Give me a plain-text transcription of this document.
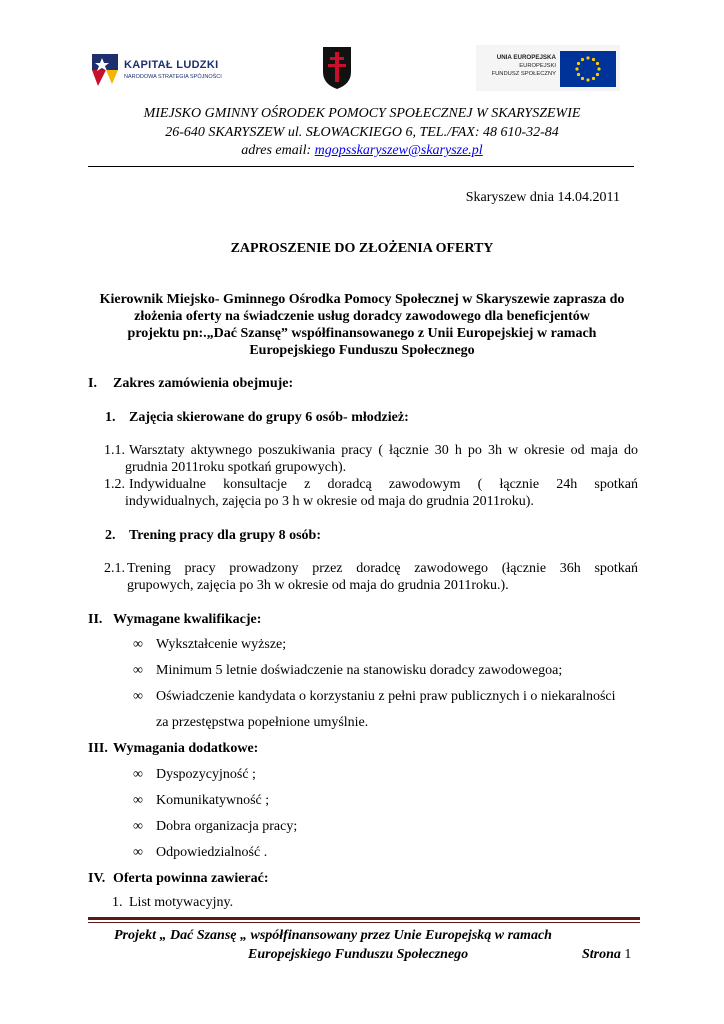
KAPITAŁ LUDZKI
NARODOWA STRATEGIA SPÓJNOŚCI
UNIA EUROPEJSKA
EUROPEJSKI
FUNDUSZ SPOŁECZNY
MIEJSKO GMINNY OŚRODEK POMOCY SPOŁECZNEJ W SKARYSZEWIE
26-640 SKARYSZEW ul. SŁOWACKIEGO 6, TEL./FAX: 48 610-32-84
adres email: mgopsskaryszew@skarysze.pl
Skaryszew dnia 14.04.2011
ZAPROSZENIE DO ZŁOŻENIA OFERTY
Kierownik Miejsko- Gminnego Ośrodka Pomocy Społecznej w Skaryszewie zaprasza do
złożenia oferty na świadczenie usług doradcy zawodowego dla beneficjentów
projektu pn:.„Dać Szansę” współfinansowanego z Unii Europejskiej w ramach
Europejskiego Funduszu Społecznego
I. Zakres zamówienia obejmuje:
1. Zajęcia skierowane do grupy 6 osób- młodzież:
1.1. Warsztaty aktywnego poszukiwania pracy ( łącznie 30 h po 3h w okresie od maja do
grudnia 2011roku spotkań grupowych).
1.2. Indywidualne konsultacje z doradcą zawodowym ( łącznie 24h spotkań
indywidualnych, zajęcia po 3 h w okresie od maja do grudnia 2011roku).
2. Trening pracy dla grupy 8 osób:
2.1. Trening pracy prowadzony przez doradcę zawodowego (łącznie 36h spotkań
grupowych, zajęcia po 3h w okresie od maja do grudnia 2011roku.).
II. Wymagane kwalifikacje:
∞ Wykształcenie wyższe;
∞ Minimum 5 letnie doświadczenie na stanowisku doradcy zawodowegoa;
∞ Oświadczenie kandydata o korzystaniu z pełni praw publicznych i o niekaralności
za przestępstwa popełnione umyślnie.
III. Wymagania dodatkowe:
∞ Dyspozycyjność ;
∞ Komunikatywność ;
∞ Dobra organizacja pracy;
∞ Odpowiedzialność .
IV. Oferta powinna zawierać:
1. List motywacyjny.
Projekt „ Dać Szansę „ współfinansowany przez Unie Europejską w ramach
Europejskiego Funduszu Społecznego	Strona 1
